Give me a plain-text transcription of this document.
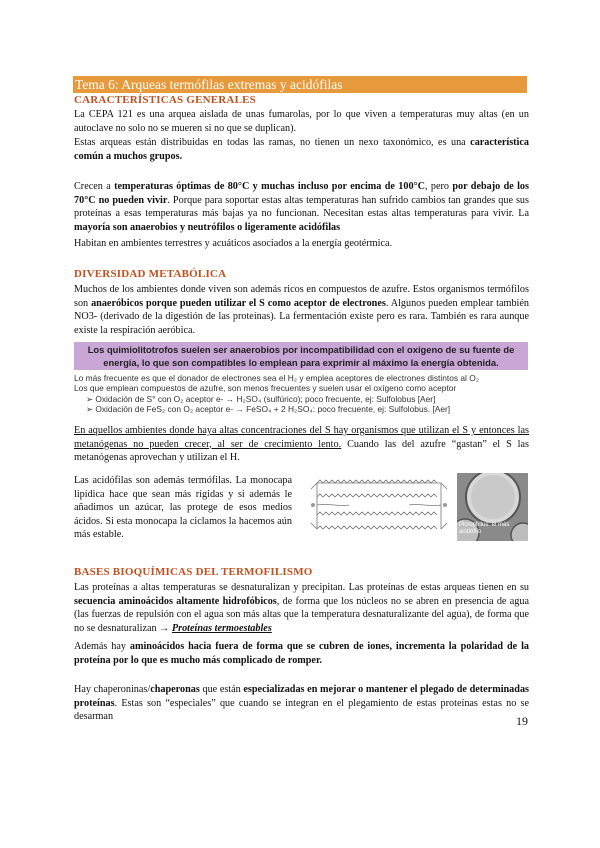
Tema 6: Arqueas termófilas extremas y acidófilas
CARACTERÍSTICAS GENERALES
La CEPA 121 es una arquea aislada de unas fumarolas, por lo que viven a temperaturas muy altas (en un autoclave no solo no se mueren si no que se duplican).
Estas arqueas están distribuidas en todas las ramas, no tienen un nexo taxonómico, es una característica común a muchos grupos.
Crecen a temperaturas óptimas de 80°C y muchas incluso por encima de 100°C, pero por debajo de los 70°C no pueden vivir. Porque para soportar estas altas temperaturas han sufrido cambios tan grandes que sus proteínas a esas temperaturas más bajas ya no funcionan. Necesitan estas altas temperaturas para vivir. La mayoría son anaerobios y neutrófilos o ligeramente acidófilas
Habitan en ambientes terrestres y acuáticos asociados a la energía geotérmica.
DIVERSIDAD METABÓLICA
Muchos de los ambientes donde viven son además ricos en compuestos de azufre. Estos organismos termófilos son anaeróbicos porque pueden utilizar el S como aceptor de electrones. Algunos pueden emplear también NO3- (derivado de la digestión de las proteínas). La fermentación existe pero es rara. También es rara aunque existe la respiración aeróbica.
Los quimiolitotrofos suelen ser anaerobios por incompatibilidad con el oxígeno de su fuente de
energía, lo que son compatibles lo emplean para exprimir al máximo la energía obtenida.
Lo más frecuente es que el donador de electrones sea el H₂ y emplea aceptores de electrones distintos al O₂
Los que emplean compuestos de azufre, son menos frecuentes y suelen usar el oxígeno como aceptor
➢ Oxidación de S° con O₂ aceptor e- → H₂SO₄ (sulfúrico); poco frecuente, ej: Sulfolobus [Aer]
➢ Oxidación de FeS₂ con O₂ aceptor e- → FeSO₄ + 2 H₂SO₄: poco frecuente, ej: Sulfolobus. [Aer]
En aquellos ambientes donde haya altas concentraciones del S hay organismos que utilizan el S y entonces las metanógenas no pueden crecer, al ser de crecimiento lento. Cuando las del azufre “gastan” el S las metanógenas aprovechan y utilizan el H.
Las acidófilas son además termófilas. La monocapa lipídica hace que sean más rígidas y si además le añadimos un azúcar, las protege de esos medios ácidos. Si esta monocapa la ciclamos la hacemos aún más estable.
Picrophilus: el más acidófilo
BASES BIOQUÍMICAS DEL TERMOFILISMO
Las proteínas a altas temperaturas se desnaturalizan y precipitan. Las proteínas de estas arqueas tienen en su secuencia aminoácidos altamente hidrofóbicos, de forma que los núcleos no se abren en presencia de agua (las fuerzas de repulsión con el agua son más altas que la temperatura desnaturalizante del agua), de forma que no se desnaturalizan → Proteínas termoestables
Además hay aminoácidos hacia fuera de forma que se cubren de iones, incrementa la polaridad de la proteína por lo que es mucho más complicado de romper.
Hay chaperoninas/chaperonas que están especializadas en mejorar o mantener el plegado de determinadas proteínas. Estas son “especiales” que cuando se integran en el plegamiento de estas proteínas estas no se desarman	19
